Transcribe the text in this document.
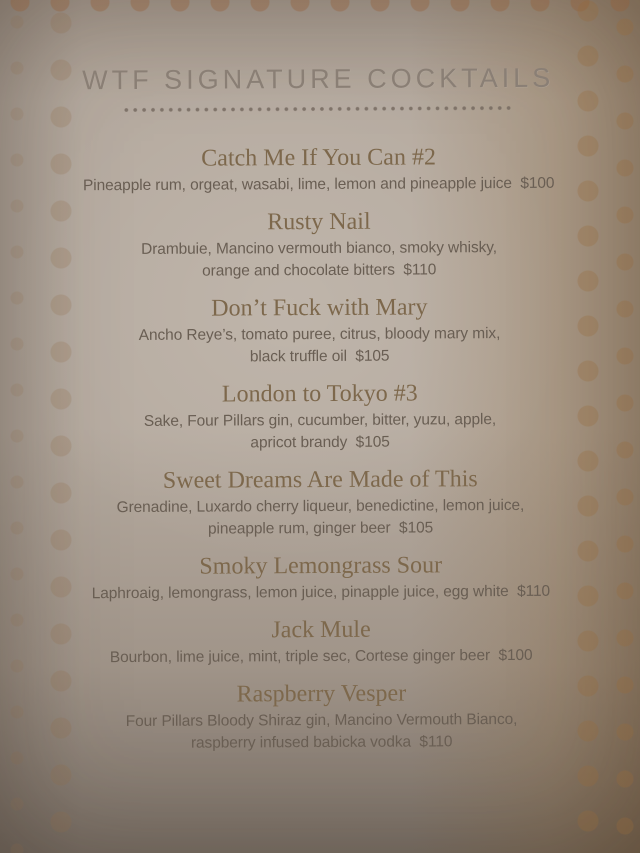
WTF SIGNATURE COCKTAILS
Catch Me If You Can #2
Pineapple rum, orgeat, wasabi, lime, lemon and pineapple juice  $100
Rusty Nail
Drambuie, Mancino vermouth bianco, smoky whisky,
orange and chocolate bitters  $110
Don’t Fuck with Mary
Ancho Reye’s, tomato puree, citrus, bloody mary mix,
black truffle oil  $105
London to Tokyo #3
Sake, Four Pillars gin, cucumber, bitter, yuzu, apple,
apricot brandy  $105
Sweet Dreams Are Made of This
Grenadine, Luxardo cherry liqueur, benedictine, lemon juice,
pineapple rum, ginger beer  $105
Smoky Lemongrass Sour
Laphroaig, lemongrass, lemon juice, pinapple juice, egg white  $110
Jack Mule
Bourbon, lime juice, mint, triple sec, Cortese ginger beer  $100
Raspberry Vesper
Four Pillars Bloody Shiraz gin, Mancino Vermouth Bianco,
raspberry infused babicka vodka  $110
